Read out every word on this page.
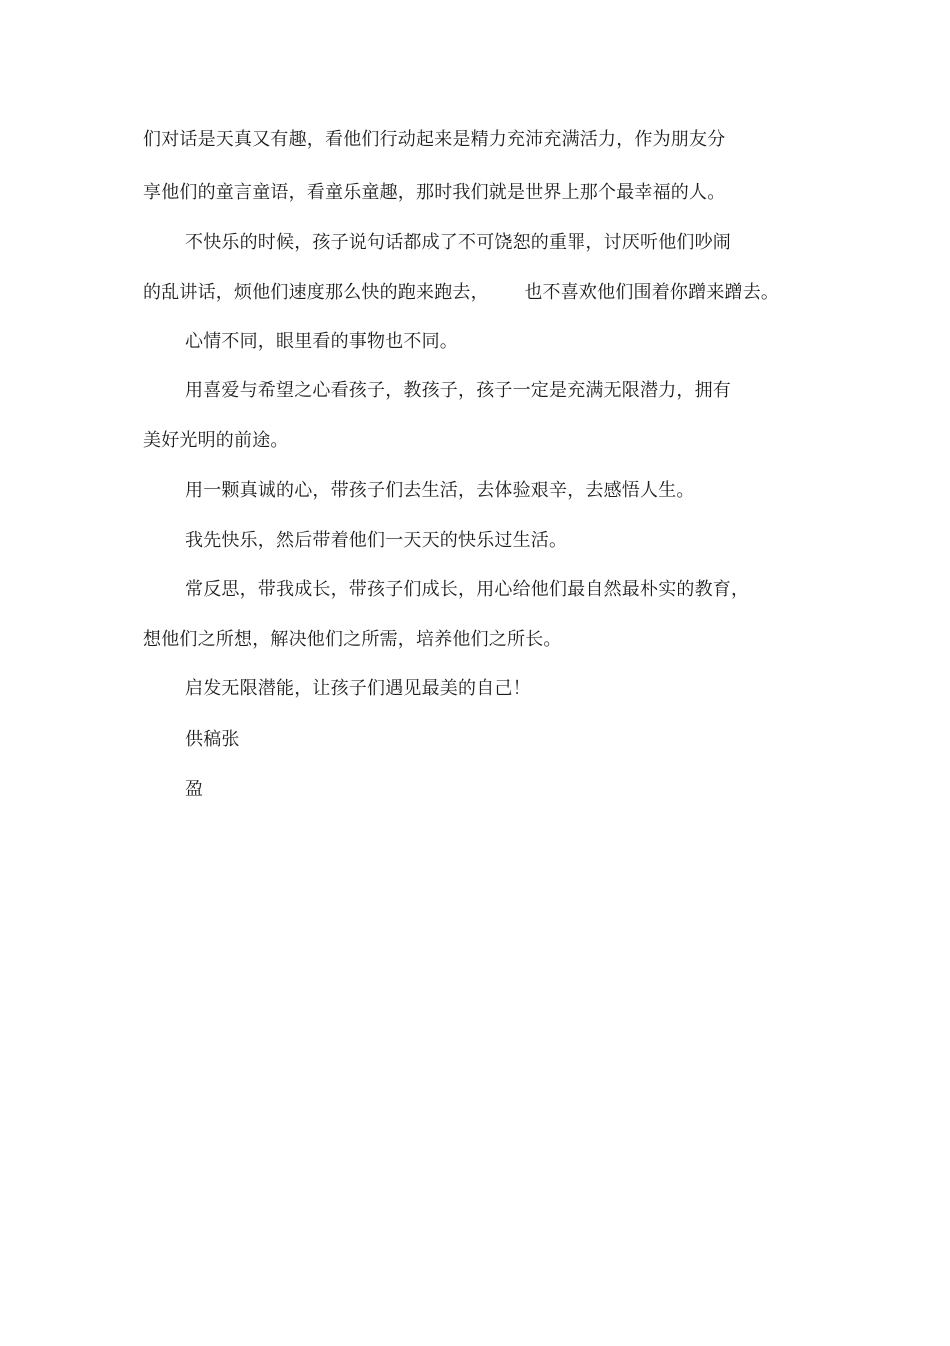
们对话是天真又有趣，看他们行动起来是精力充沛充满活力，作为朋友分
享他们的童言童语，看童乐童趣，那时我们就是世界上那个最幸福的人。
不快乐的时候，孩子说句话都成了不可饶恕的重罪，讨厌听他们吵闹
的乱讲话，烦他们速度那么快的跑来跑去，      也不喜欢他们围着你蹭来蹭去。
心情不同，眼里看的事物也不同。
用喜爱与希望之心看孩子，教孩子，孩子一定是充满无限潜力，拥有
美好光明的前途。
用一颗真诚的心，带孩子们去生活，去体验艰辛，去感悟人生。
我先快乐，然后带着他们一天天的快乐过生活。
常反思，带我成长，带孩子们成长，用心给他们最自然最朴实的教育，
想他们之所想，解决他们之所需，培养他们之所长。
启发无限潜能，让孩子们遇见最美的自己！
供稿张
盈
